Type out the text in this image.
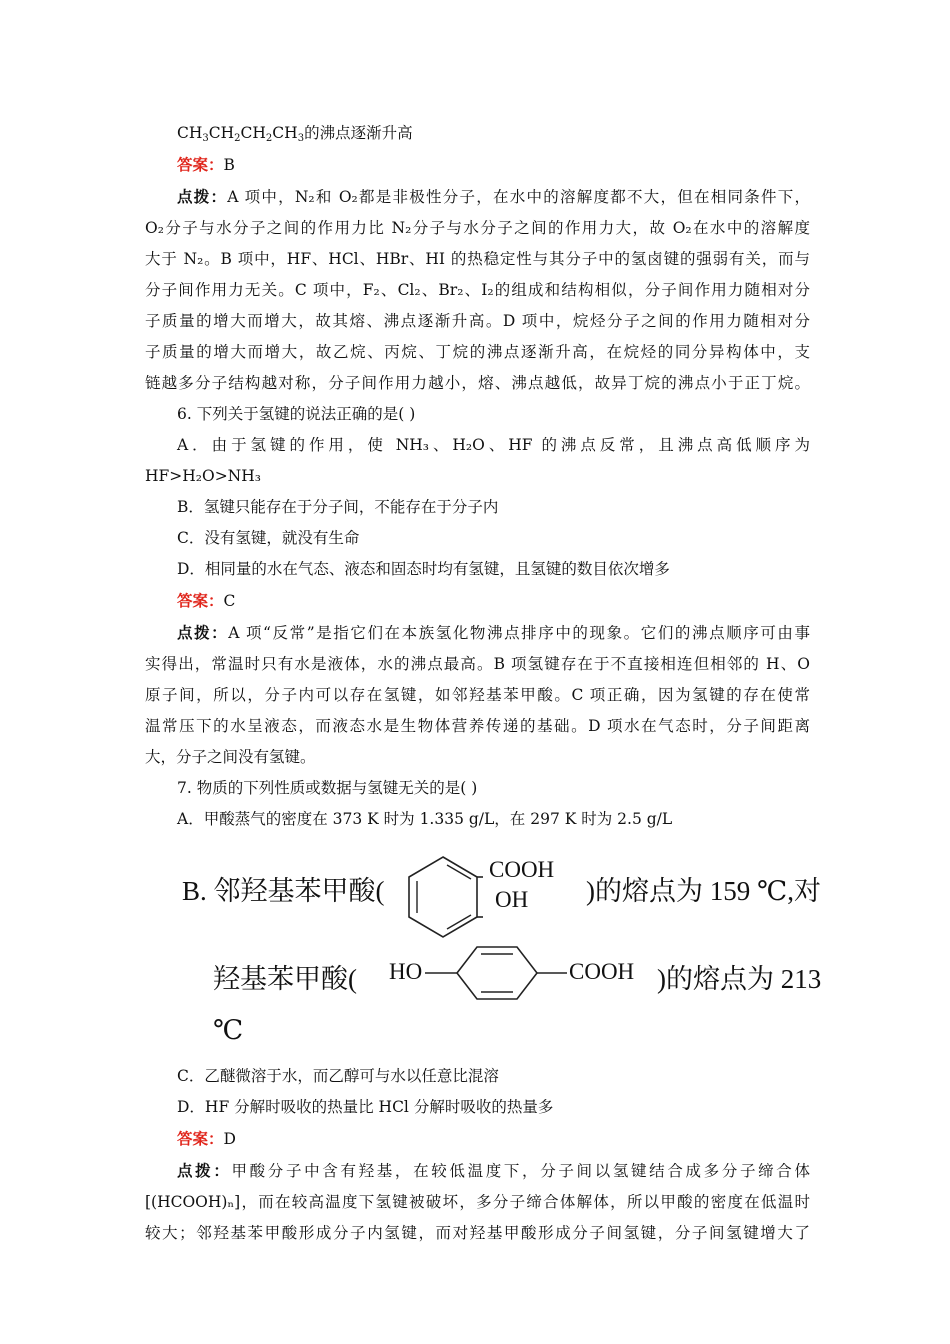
$CH_3CH_2CH_2CH_3$的沸点逐渐升高
答案：B
点拨：A 项中，N₂和 O₂都是非极性分子，在水中的溶解度都不大，但在相同条件下，
O₂分子与水分子之间的作用力比 N₂分子与水分子之间的作用力大，故 O₂在水中的溶解度
大于 N₂。B 项中，HF、HCl、HBr、HI 的热稳定性与其分子中的氢卤键的强弱有关，而与
分子间作用力无关。C 项中，F₂、Cl₂、Br₂、I₂的组成和结构相似，分子间作用力随相对分
子质量的增大而增大，故其熔、沸点逐渐升高。D 项中，烷烃分子之间的作用力随相对分
子质量的增大而增大，故乙烷、丙烷、丁烷的沸点逐渐升高，在烷烃的同分异构体中，支
链越多分子结构越对称，分子间作用力越小，熔、沸点越低，故异丁烷的沸点小于正丁烷。
6. 下列关于氢键的说法正确的是( )
A．由于氢键的作用，使 NH₃、H₂O、HF 的沸点反常，且沸点高低顺序为
HF>H₂O>NH₃
B．氢键只能存在于分子间，不能存在于分子内
C．没有氢键，就没有生命
D．相同量的水在气态、液态和固态时均有氢键，且氢键的数目依次增多
答案：C
点拨：A 项“反常”是指它们在本族氢化物沸点排序中的现象。它们的沸点顺序可由事
实得出，常温时只有水是液体，水的沸点最高。B 项氢键存在于不直接相连但相邻的 H、O
原子间，所以，分子内可以存在氢键，如邻羟基苯甲酸。C 项正确，因为氢键的存在使常
温常压下的水呈液态，而液态水是生物体营养传递的基础。D 项水在气态时，分子间距离
大，分子之间没有氢键。
7. 物质的下列性质或数据与氢键无关的是( )
A．甲酸蒸气的密度在 373 K 时为 1.335 g/L，在 297 K 时为 2.5 g/L
B. 邻羟基苯甲酸(
COOH
OH )的熔点为 159 ℃,对
羟基苯甲酸( HO	COOH )的熔点为 213
℃
C．乙醚微溶于水，而乙醇可与水以任意比混溶
D．HF 分解时吸收的热量比 HCl 分解时吸收的热量多
答案：D
点拨：甲酸分子中含有羟基，在较低温度下，分子间以氢键结合成多分子缔合体
[(HCOOH)ₙ]，而在较高温度下氢键被破坏，多分子缔合体解体，所以甲酸的密度在低温时
较大；邻羟基苯甲酸形成分子内氢键，而对羟基甲酸形成分子间氢键，分子间氢键增大了
